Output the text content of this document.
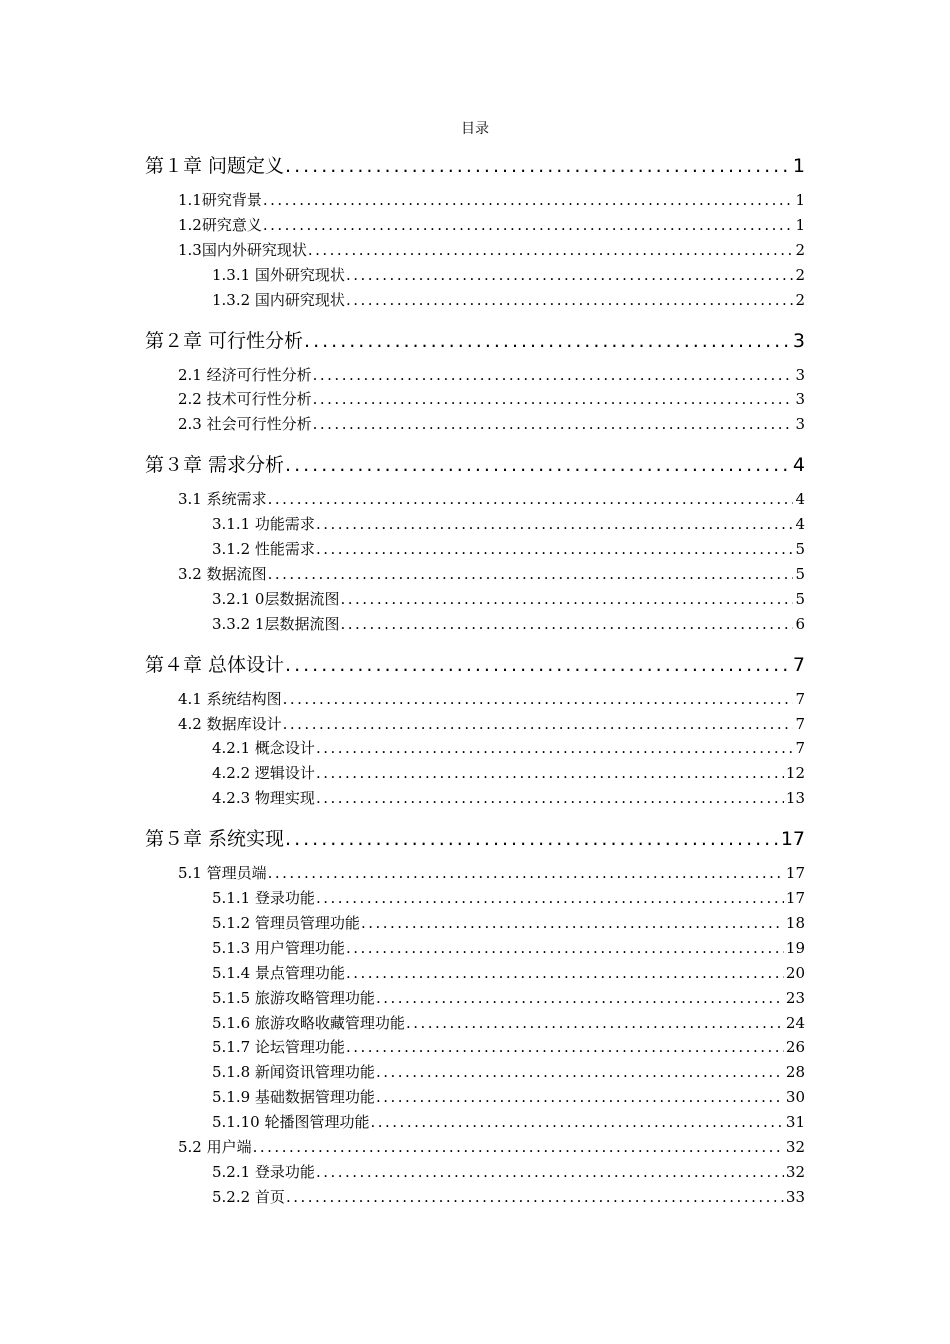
目录
第１章 问题定义 .....	1
1.1研究背景 .....	1
1.2研究意义 .....	1
1.3国内外研究现状 .....	2
1.3.1 国外研究现状 .....	2
1.3.2 国内研究现状 .....	2
第２章 可行性分析 .....	3
2.1 经济可行性分析 .....	3
2.2 技术可行性分析 .....	3
2.3 社会可行性分析 .....	3
第３章 需求分析 .....	4
3.1 系统需求 .....	4
3.1.1 功能需求 .....	4
3.1.2 性能需求 .....	5
3.2 数据流图 .....	5
3.2.1 0层数据流图 .....	5
3.3.2 1层数据流图 .....	6
第４章 总体设计 .....	7
4.1 系统结构图 .....	7
4.2 数据库设计 .....	7
4.2.1 概念设计 .....	7
4.2.2 逻辑设计 .....	12
4.2.3 物理实现 .....	13
第５章 系统实现 .....	17
5.1 管理员端 .....	17
5.1.1 登录功能 .....	17
5.1.2 管理员管理功能 .....	18
5.1.3 用户管理功能 .....	19
5.1.4 景点管理功能 .....	20
5.1.5 旅游攻略管理功能 .....	23
5.1.6 旅游攻略收藏管理功能 .....	24
5.1.7 论坛管理功能 .....	26
5.1.8 新闻资讯管理功能 .....	28
5.1.9 基础数据管理功能 .....	30
5.1.10 轮播图管理功能 .....	31
5.2 用户端 .....	32
5.2.1 登录功能 .....	32
5.2.2 首页 .....	33
